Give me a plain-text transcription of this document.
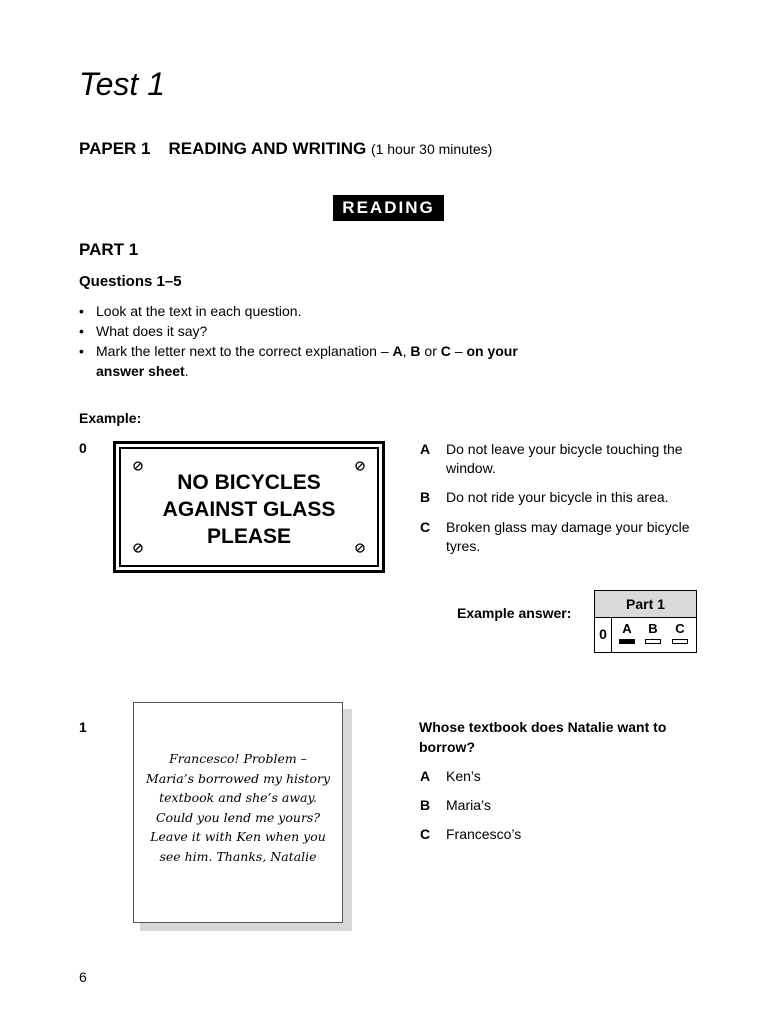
Test 1
PAPER 1 READING AND WRITING (1 hour 30 minutes)
READING
PART 1
Questions 1–5
• Look at the text in each question.
• What does it say?
• Mark the letter next to the correct explanation – A, B or C – on your
answer sheet.
Example:
0
NO BICYCLES
AGAINST GLASS
PLEASE
A Do not leave your bicycle touching the window.
B Do not ride your bicycle in this area.
C Broken glass may damage your bicycle tyres.
Example answer:
Part 1
0	A	B	C
1
Francesco! Problem –
Maria’s borrowed my history
textbook and she’s away.
Could you lend me yours?
Leave it with Ken when you
see him. Thanks, Natalie
Whose textbook does Natalie want to borrow?
A Ken’s
B Maria’s
C Francesco’s
6
